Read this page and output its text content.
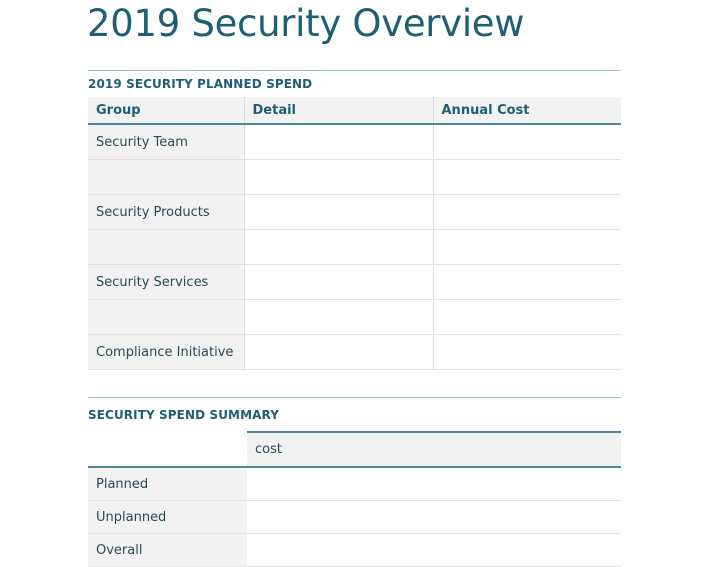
2019 Security Overview
2019 SECURITY PLANNED SPEND
Group	Detail	Annual Cost
Security Team		

Security Products		

Security Services		

Compliance Initiative		
SECURITY SPEND SUMMARY
	cost
Planned	
Unplanned	
Overall	
